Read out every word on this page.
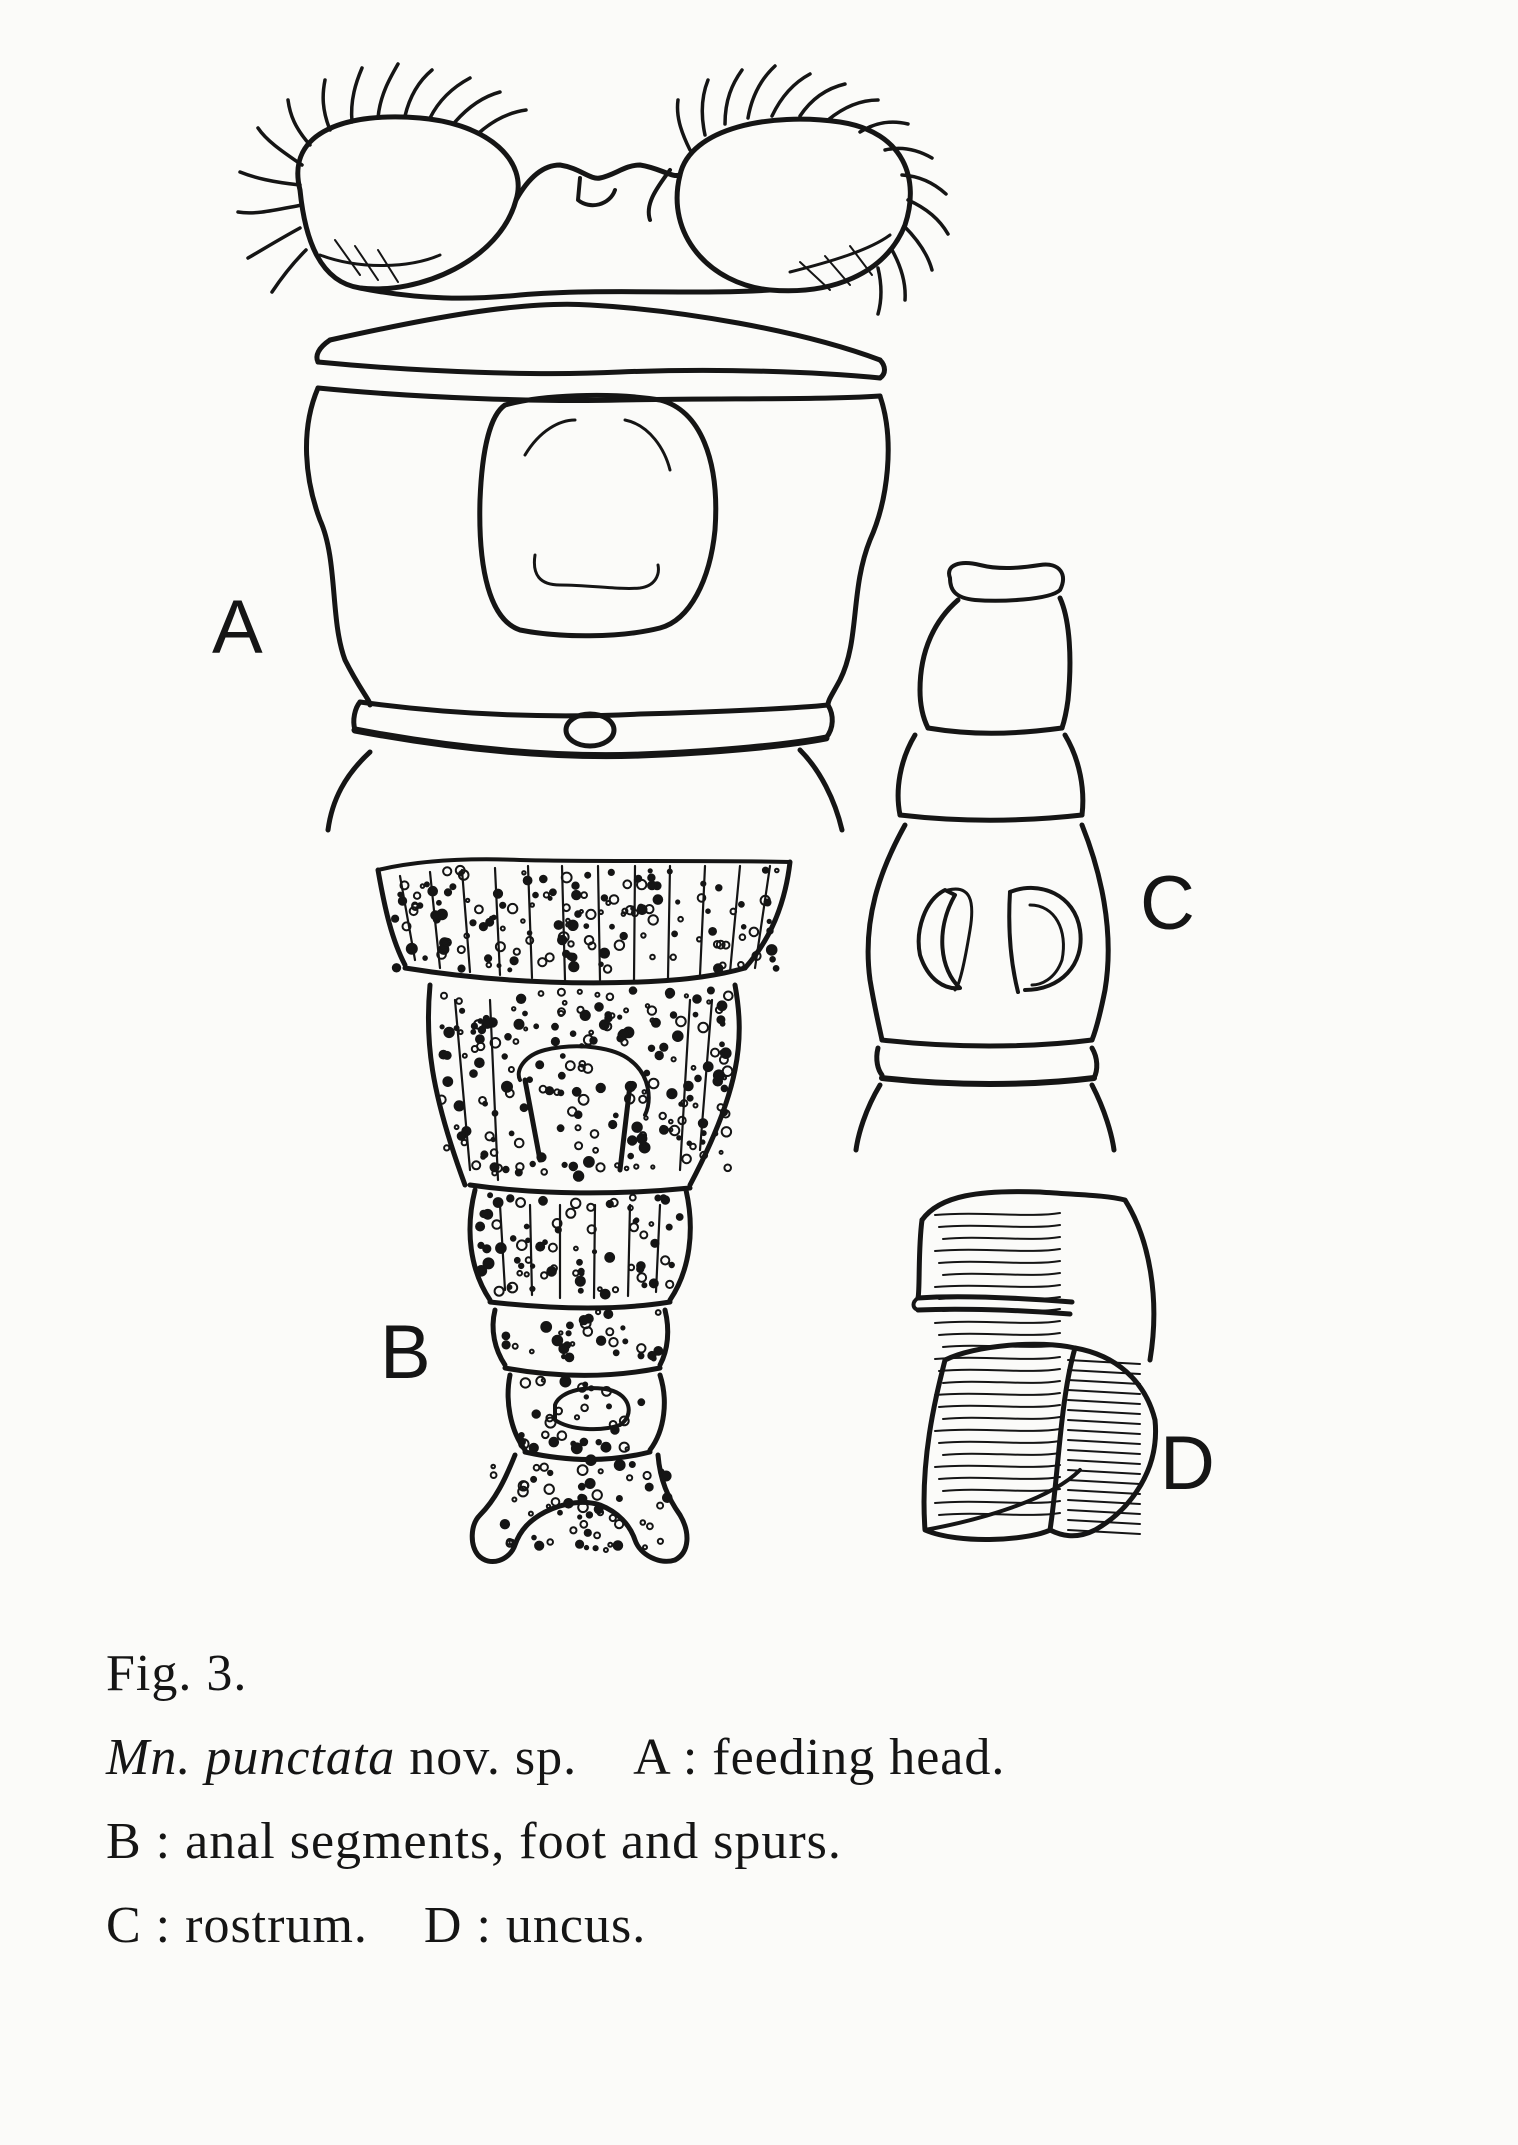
A
B
C
D
Fig. 3.
Mn. punctata nov. sp. A : feeding head.
B : anal segments, foot and spurs.
C : rostrum. D : uncus.
